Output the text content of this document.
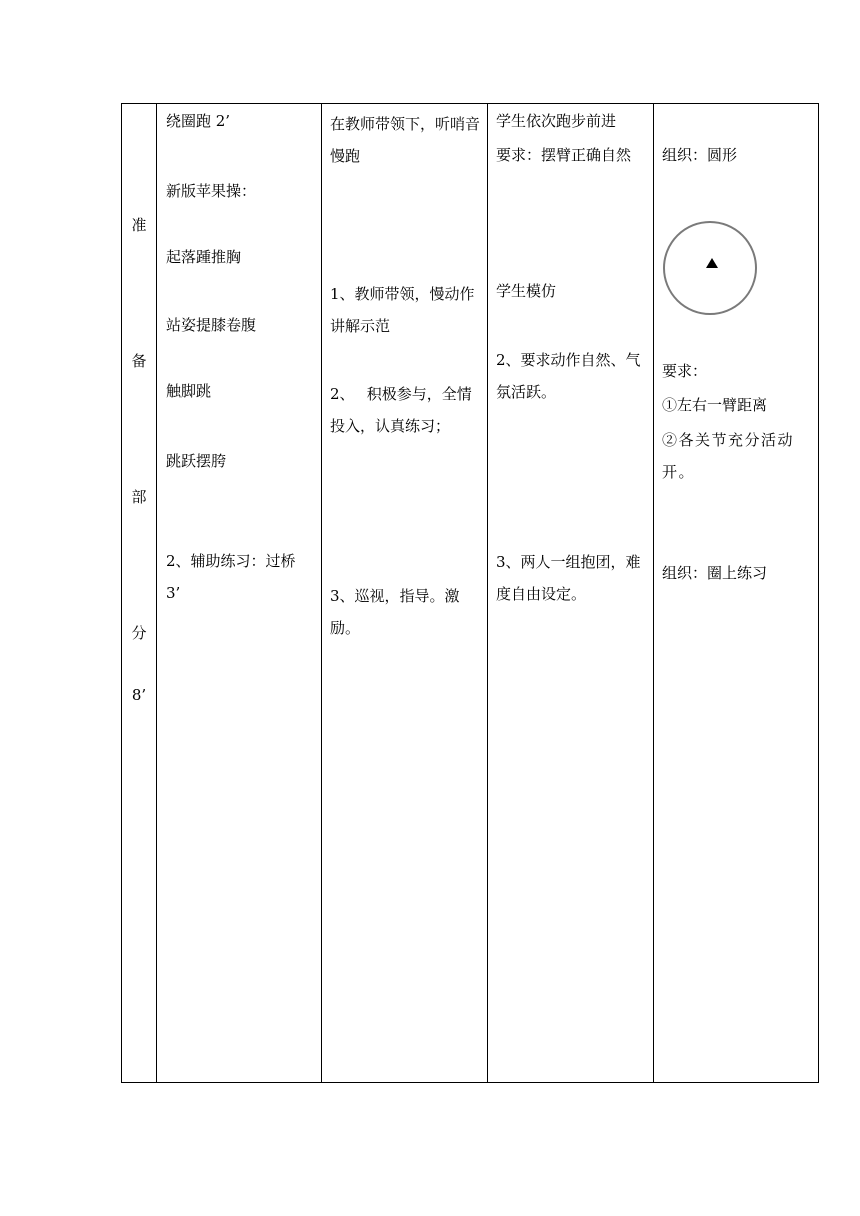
准
备
部
分
8’
绕圈跑 2’
新版苹果操：
起落踵推胸
站姿提膝卷腹
触脚跳
跳跃摆胯
2、辅助练习：过桥
3’
在教师带领下，听哨音慢跑
1、教师带领，慢动作讲解示范
2、　 积极参与，全情投入，认真练习；
3、巡视，指导。激励。
学生依次跑步前进
要求：摆臂正确自然
学生模仿
2、要求动作自然、气氛活跃。
3、两人一组抱团，难度自由设定。
组织：圆形
要求：
①左右一臂距离
②各关节充分活动开。
组织：圈上练习
